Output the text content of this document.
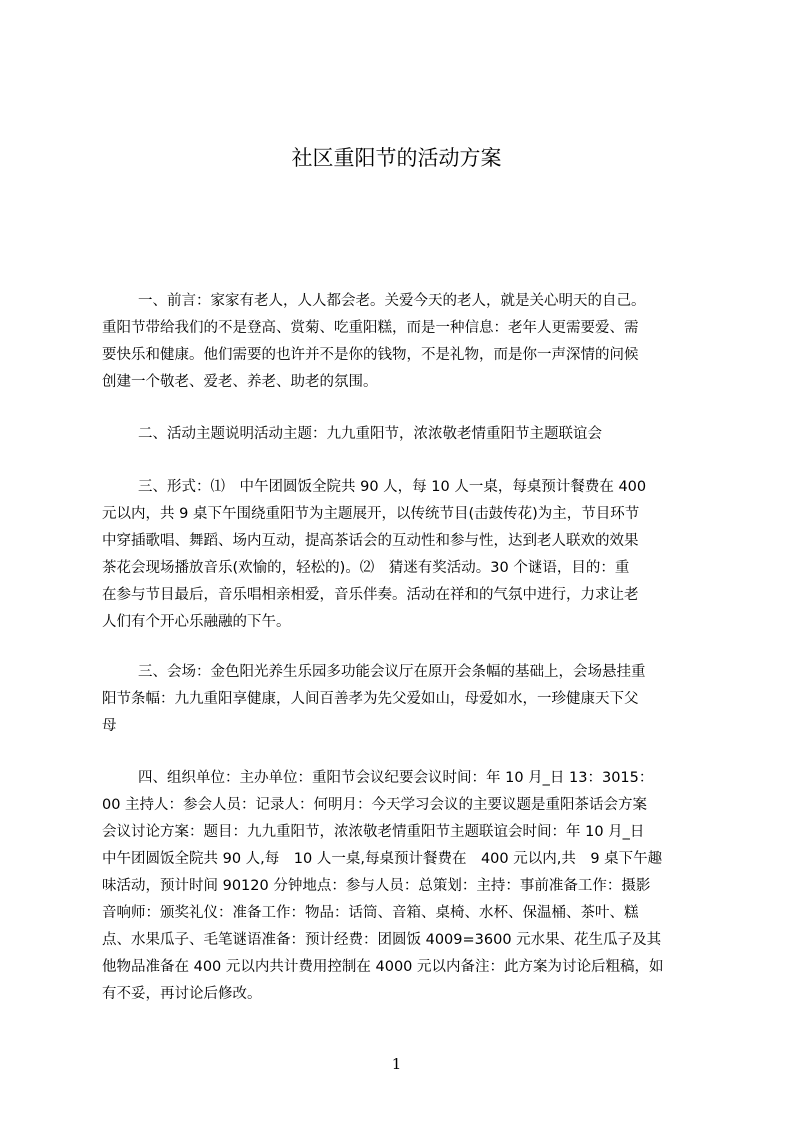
社区重阳节的活动方案
一、前言：家家有老人，人人都会老。关爱今天的老人，就是关心明天的自己。
重阳节带给我们的不是登高、赏菊、吃重阳糕，而是一种信息：老年人更需要爱、需
要快乐和健康。他们需要的也许并不是你的钱物，不是礼物，而是你一声深情的问候
创建一个敬老、爱老、养老、助老的氛围。
二、活动主题说明活动主题：九九重阳节，浓浓敬老情重阳节主题联谊会
三、形式：⑴　中午团圆饭全院共 90 人，每 10 人一桌，每桌预计餐费在 400
元以内，共 9 桌下午围绕重阳节为主题展开，以传统节目(击鼓传花)为主，节目环节
中穿插歌唱、舞蹈、场内互动，提高茶话会的互动性和参与性，达到老人联欢的效果
茶花会现场播放音乐(欢愉的，轻松的)。⑵　猜迷有奖活动。30 个谜语，目的：重
在参与节目最后，音乐唱相亲相爱，音乐伴奏。活动在祥和的气氛中进行，力求让老
人们有个开心乐融融的下午。
三、会场：金色阳光养生乐园多功能会议厅在原开会条幅的基础上，会场悬挂重
阳节条幅：九九重阳享健康，人间百善孝为先父爱如山，母爱如水，一珍健康天下父
母
四、组织单位：主办单位：重阳节会议纪要会议时间：年 10 月_日 13：3015：
00 主持人：参会人员：记录人：何明月：今天学习会议的主要议题是重阳茶话会方案
会议讨论方案：题目：九九重阳节，浓浓敬老情重阳节主题联谊会时间：年 10 月_日
中午团圆饭全院共 90 人,每　10 人一桌,每桌预计餐费在　400 元以内,共　9 桌下午趣
味活动，预计时间 90120 分钟地点：参与人员：总策划：主持：事前准备工作：摄影
音响师：颁奖礼仪：准备工作：物品：话筒、音箱、桌椅、水杯、保温桶、茶叶、糕
点、水果瓜子、毛笔谜语准备：预计经费：团圆饭 4009=3600 元水果、花生瓜子及其
他物品准备在 400 元以内共计费用控制在 4000 元以内备注：此方案为讨论后粗稿，如
有不妥，再讨论后修改。
1
